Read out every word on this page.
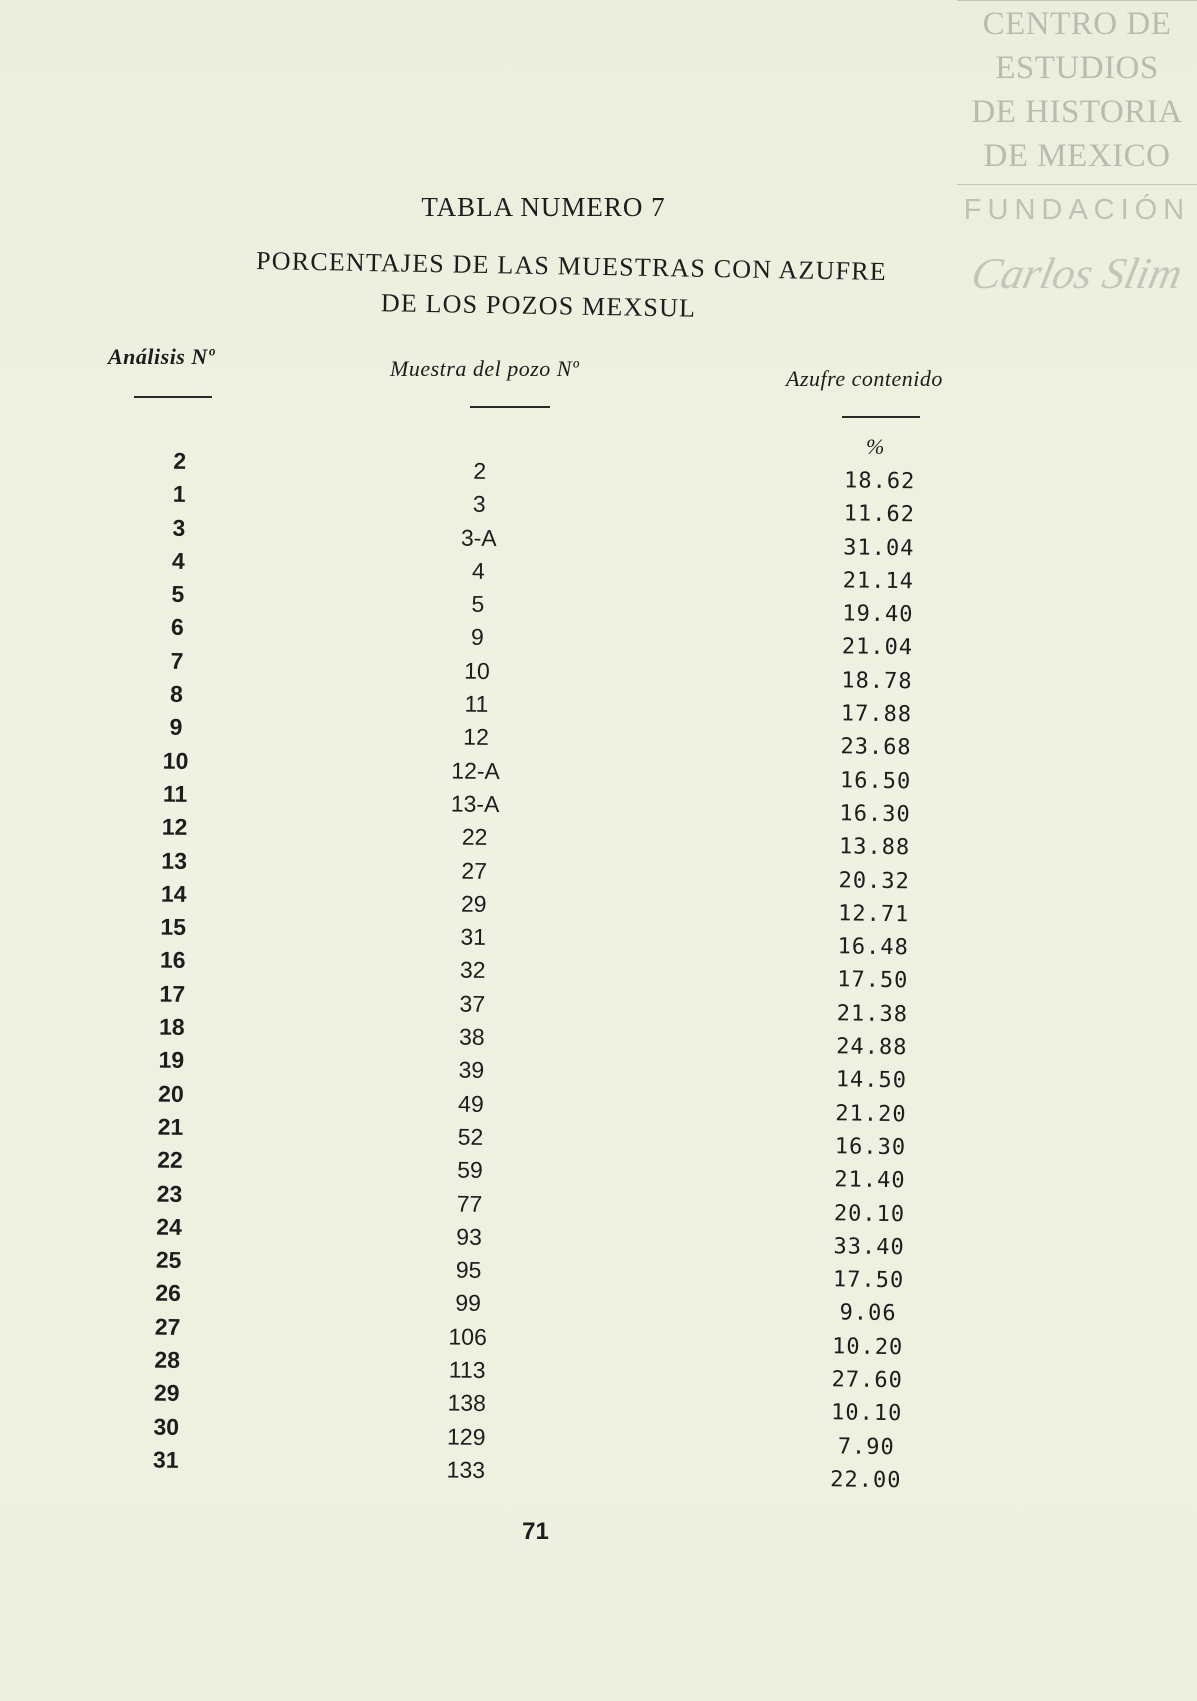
CENTRO DE
ESTUDIOS
DE HISTORIA
DE MEXICO
FUNDACIÓN
Carlos Slim
TABLA NUMERO 7
PORCENTAJES DE LAS MUESTRAS CON AZUFRE
DE LOS POZOS MEXSUL
Análisis Nº	Muestra del pozo Nº	Azufre contenido
%
2
1
3
4
5
6
7
8
9
10
11
12
13
14
15
16
17
18
19
20
21
22
23
24
25
26
27
28
29
30
31
2
3
3-A
4
5
9
10
11
12
12-A
13-A
22
27
29
31
32
37
38
39
49
52
59
77
93
95
99
106
113
138
129
133
18.62
11.62
31.04
21.14
19.40
21.04
18.78
17.88
23.68
16.50
16.30
13.88
20.32
12.71
16.48
17.50
21.38
24.88
14.50
21.20
16.30
21.40
20.10
33.40
17.50
9.06
10.20
27.60
10.10
7.90
22.00
71
